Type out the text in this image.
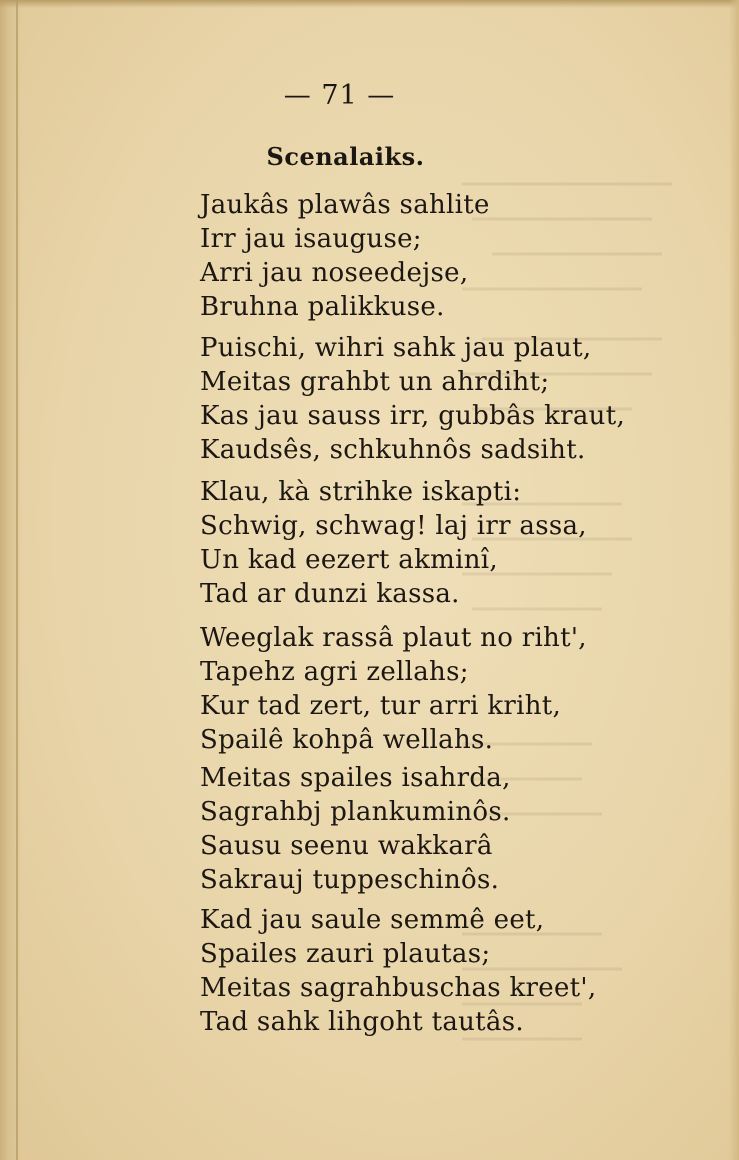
— 71 —
Scenalaiks.
Jaukâs plawâs sahlite
Irr jau isauguse;
Arri jau noseedejse,
Bruhna palikkuse.
Puischi, wihri sahk jau plaut,
Meitas grahbt un ahrdiht;
Kas jau sauss irr, gubbâs kraut,
Kaudsês, schkuhnôs sadsiht.
Klau, kà strihke iskapti:
Schwig, schwag! laj irr assa,
Un kad eezert akminî,
Tad ar dunzi kassa.
Weeglak rassâ plaut no riht',
Tapehz agri zellahs;
Kur tad zert, tur arri kriht,
Spailê kohpâ wellahs.
Meitas spailes isahrda,
Sagrahbj plankuminôs.
Sausu seenu wakkarâ
Sakrauj tuppeschinôs.
Kad jau saule semmê eet,
Spailes zauri plautas;
Meitas sagrahbuschas kreet',
Tad sahk lihgoht tautâs.
